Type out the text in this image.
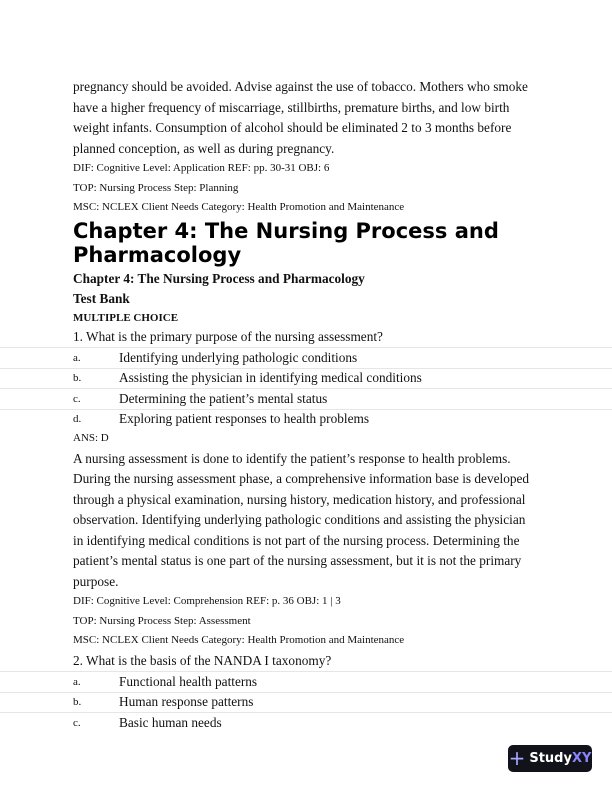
pregnancy should be avoided. Advise against the use of tobacco. Mothers who smoke

have a higher frequency of miscarriage, stillbirths, premature births, and low birth

weight infants. Consumption of alcohol should be eliminated 2 to 3 months before

planned conception, as well as during pregnancy.

DIF: Cognitive Level: Application REF: pp. 30-31 OBJ: 6

TOP: Nursing Process Step: Planning

MSC: NCLEX Client Needs Category: Health Promotion and Maintenance

Chapter 4: The Nursing Process and
Pharmacology

Chapter 4: The Nursing Process and Pharmacology

Test Bank

MULTIPLE CHOICE

1. What is the primary purpose of the nursing assessment?

a.	Identifying underlying pathologic conditions
b.	Assisting the physician in identifying medical conditions
c.	Determining the patient’s mental status
d.	Exploring patient responses to health problems

ANS: D

A nursing assessment is done to identify the patient’s response to health problems.

During the nursing assessment phase, a comprehensive information base is developed

through a physical examination, nursing history, medication history, and professional

observation. Identifying underlying pathologic conditions and assisting the physician

in identifying medical conditions is not part of the nursing process. Determining the

patient’s mental status is one part of the nursing assessment, but it is not the primary

purpose.

DIF: Cognitive Level: Comprehension REF: p. 36 OBJ: 1 | 3

TOP: Nursing Process Step: Assessment

MSC: NCLEX Client Needs Category: Health Promotion and Maintenance

2. What is the basis of the NANDA I taxonomy?

a.	Functional health patterns
b.	Human response patterns
c.	Basic human needs
+ StudyXY
